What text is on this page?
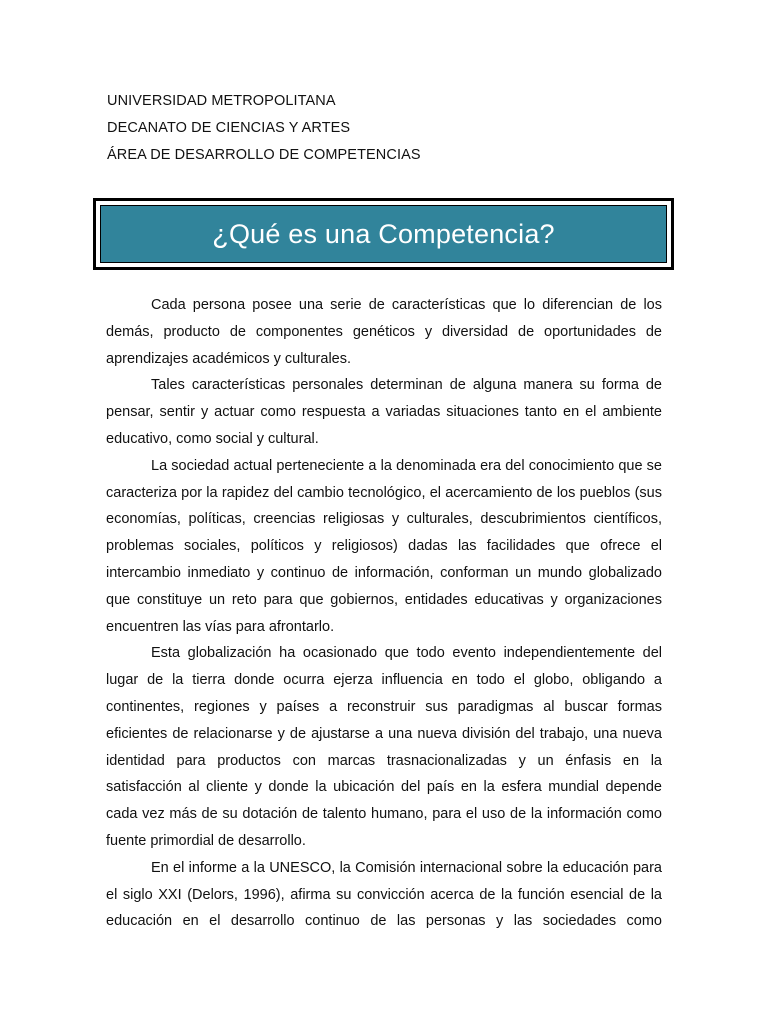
UNIVERSIDAD METROPOLITANA
DECANATO DE CIENCIAS Y ARTES
ÁREA DE DESARROLLO DE COMPETENCIAS
¿Qué es una Competencia?

Cada persona posee una serie de características que lo diferencian de los demás, producto de componentes genéticos y diversidad de oportunidades de aprendizajes académicos y culturales.

Tales características personales determinan de alguna manera su forma de pensar, sentir y actuar como respuesta a variadas situaciones tanto en el ambiente educativo, como social y cultural.

La sociedad actual perteneciente a la denominada era del conocimiento que se caracteriza por la rapidez del cambio tecnológico, el acercamiento de los pueblos (sus economías, políticas, creencias religiosas y culturales, descubrimientos científicos, problemas sociales, políticos y religiosos) dadas las facilidades que ofrece el intercambio inmediato y continuo de información, conforman un mundo globalizado que constituye un reto para que gobiernos, entidades educativas y organizaciones encuentren las vías para afrontarlo.

Esta globalización ha ocasionado que todo evento independientemente del lugar de la tierra donde ocurra ejerza influencia en todo el globo, obligando a continentes, regiones y países a reconstruir sus paradigmas al buscar formas eficientes de relacionarse y de ajustarse a una nueva división del trabajo, una nueva identidad para productos con marcas trasnacionalizadas y un énfasis en la satisfacción al cliente y donde la ubicación del país en la esfera mundial depende cada vez más de su dotación de talento humano, para el uso de la información como fuente primordial de desarrollo.

En el informe a la UNESCO, la Comisión internacional sobre la educación para el siglo XXI (Delors, 1996), afirma su convicción acerca de la función esencial de la educación en el desarrollo continuo de las personas y las sociedades como
